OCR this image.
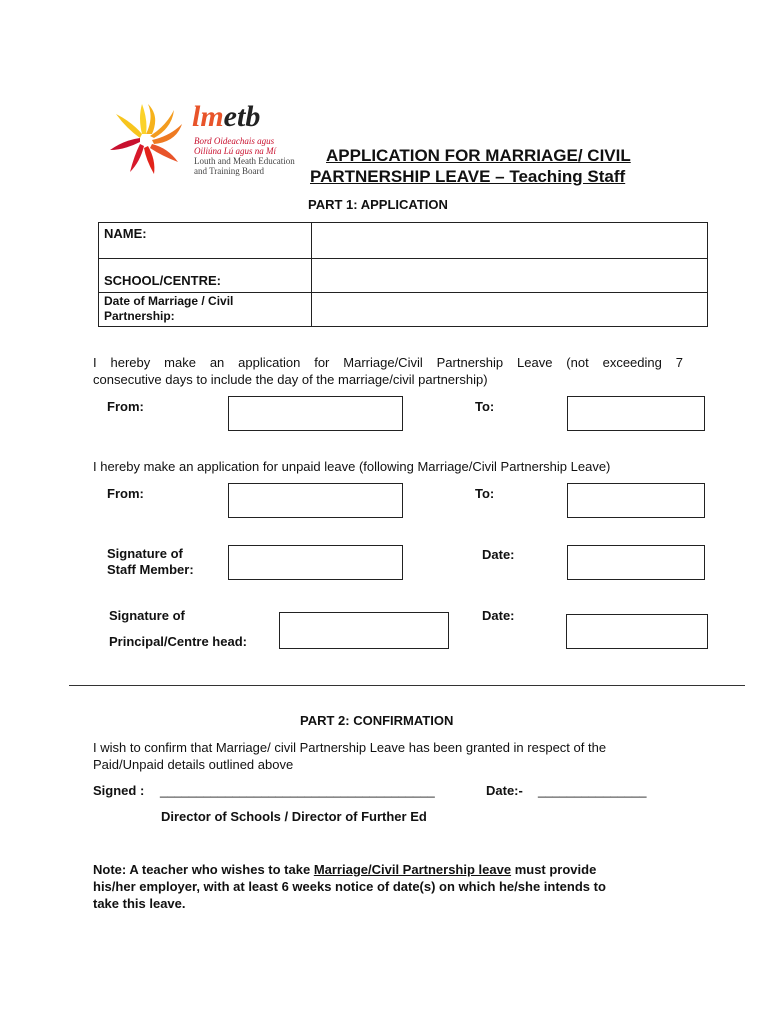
lmetb
Bord Oideachais agus
Oiliúna Lú agus na Mí
Louth and Meath Education
and Training Board
APPLICATION FOR MARRIAGE/ CIVIL
PARTNERSHIP LEAVE – Teaching Staff
PART 1: APPLICATION
NAME:	

SCHOOL/CENTRE:	

Date of Marriage / Civil
Partnership:	

I hereby make an application for Marriage/Civil Partnership Leave (not exceeding 7
consecutive days to include the day of the marriage/civil partnership)
From:	To:
I hereby make an application for unpaid leave (following Marriage/Civil Partnership Leave)
From:	To:
Signature of
Staff Member:
Date:
Signature of
Principal/Centre head:
Date:
PART 2: CONFIRMATION
I wish to confirm that Marriage/ civil Partnership Leave has been granted in respect of the
Paid/Unpaid details outlined above
Signed : ______________________________________	Date:- _______________
Director of Schools / Director of Further Ed
Note: A teacher who wishes to take Marriage/Civil Partnership leave must provide
his/her employer, with at least 6 weeks notice of date(s) on which he/she intends to
take this leave.
